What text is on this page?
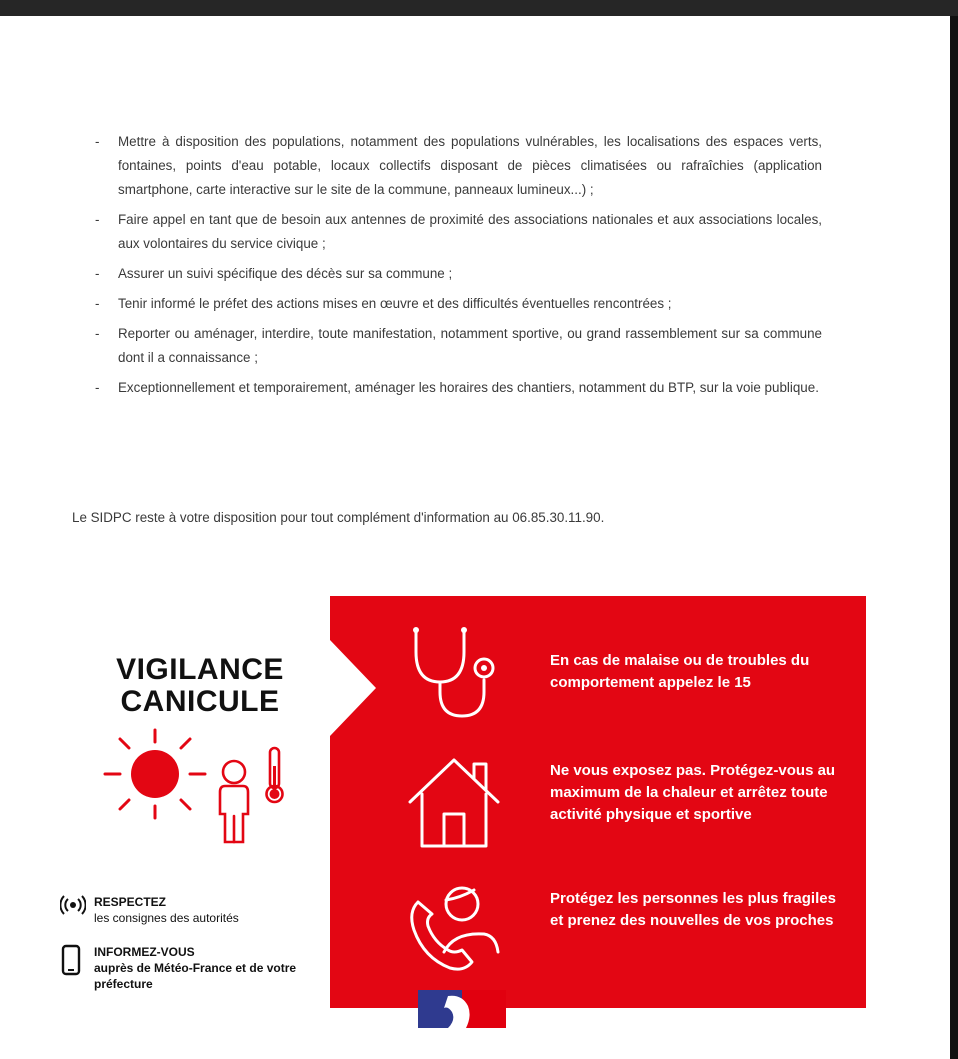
- Mettre à disposition des populations, notamment des populations vulnérables, les localisations des espaces verts, fontaines, points d'eau potable, locaux collectifs disposant de pièces climatisées ou rafraîchies (application smartphone, carte interactive sur le site de la commune, panneaux lumineux...) ;
- Faire appel en tant que de besoin aux antennes de proximité des associations nationales et aux associations locales, aux volontaires du service civique ;
- Assurer un suivi spécifique des décès sur sa commune ;
- Tenir informé le préfet des actions mises en œuvre et des difficultés éventuelles rencontrées ;
- Reporter ou aménager, interdire, toute manifestation, notamment sportive, ou grand rassemblement sur sa commune dont il a connaissance ;
- Exceptionnellement et temporairement, aménager les horaires des chantiers, notamment du BTP, sur la voie publique.
Le SIDPC reste à votre disposition pour tout complément d'information au 06.85.30.11.90.
VIGILANCE
CANICULE
RESPECTEZ
les consignes des autorités
INFORMEZ-VOUS
auprès de Météo-France et de votre préfecture
En cas de malaise ou de troubles du comportement appelez le 15
Ne vous exposez pas. Protégez-vous au maximum de la chaleur et arrêtez toute activité physique et sportive
Protégez les personnes les plus fragiles et prenez des nouvelles de vos proches
